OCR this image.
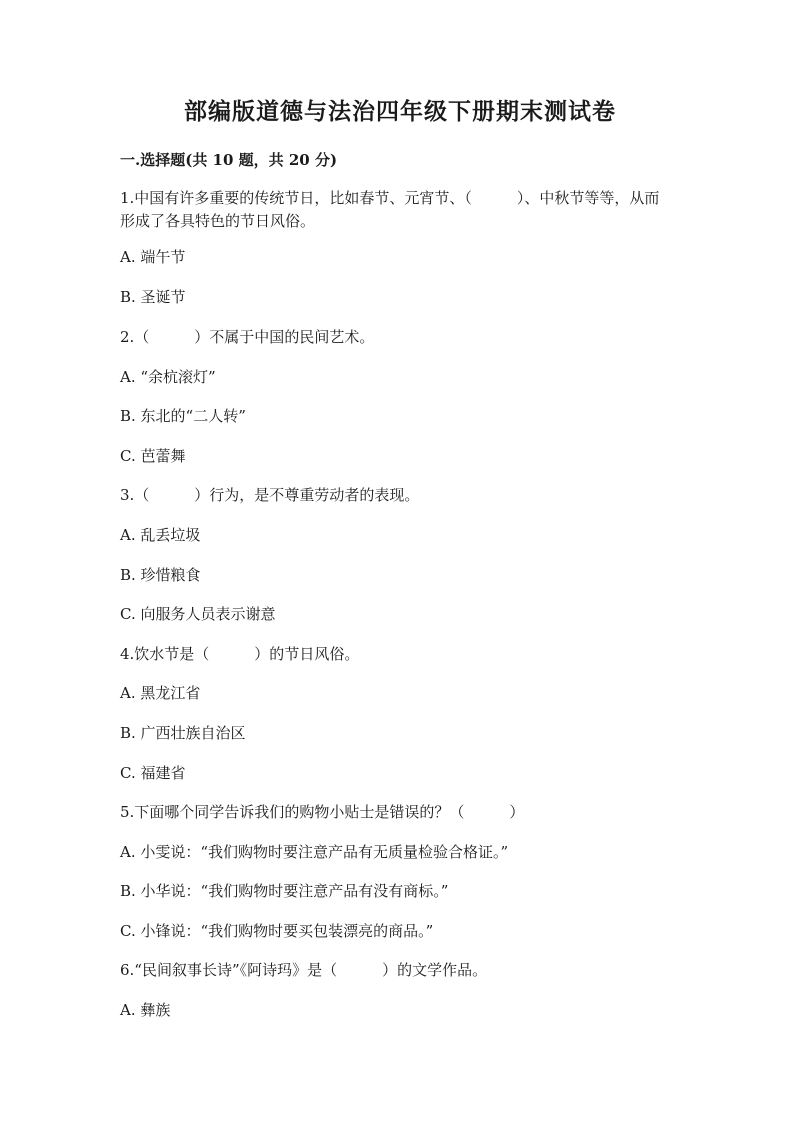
部编版道德与法治四年级下册期末测试卷
一.选择题(共 10 题，共 20 分)
1.中国有许多重要的传统节日，比如春节、元宵节、（　　　）、中秋节等等，从而形成了各具特色的节日风俗。
A. 端午节
B. 圣诞节
2.（　　　）不属于中国的民间艺术。
A. “余杭滚灯”
B. 东北的“二人转”
C. 芭蕾舞
3.（　　　）行为，是不尊重劳动者的表现。
A. 乱丢垃圾
B. 珍惜粮食
C. 向服务人员表示谢意
4.饮水节是（　　　）的节日风俗。
A. 黑龙江省
B. 广西壮族自治区
C. 福建省
5.下面哪个同学告诉我们的购物小贴士是错误的？（　　　）
A. 小雯说：“我们购物时要注意产品有无质量检验合格证。”
B. 小华说：“我们购物时要注意产品有没有商标。”
C. 小锋说：“我们购物时要买包装漂亮的商品。”
6.“民间叙事长诗”《阿诗玛》是（　　　）的文学作品。
A. 彝族
